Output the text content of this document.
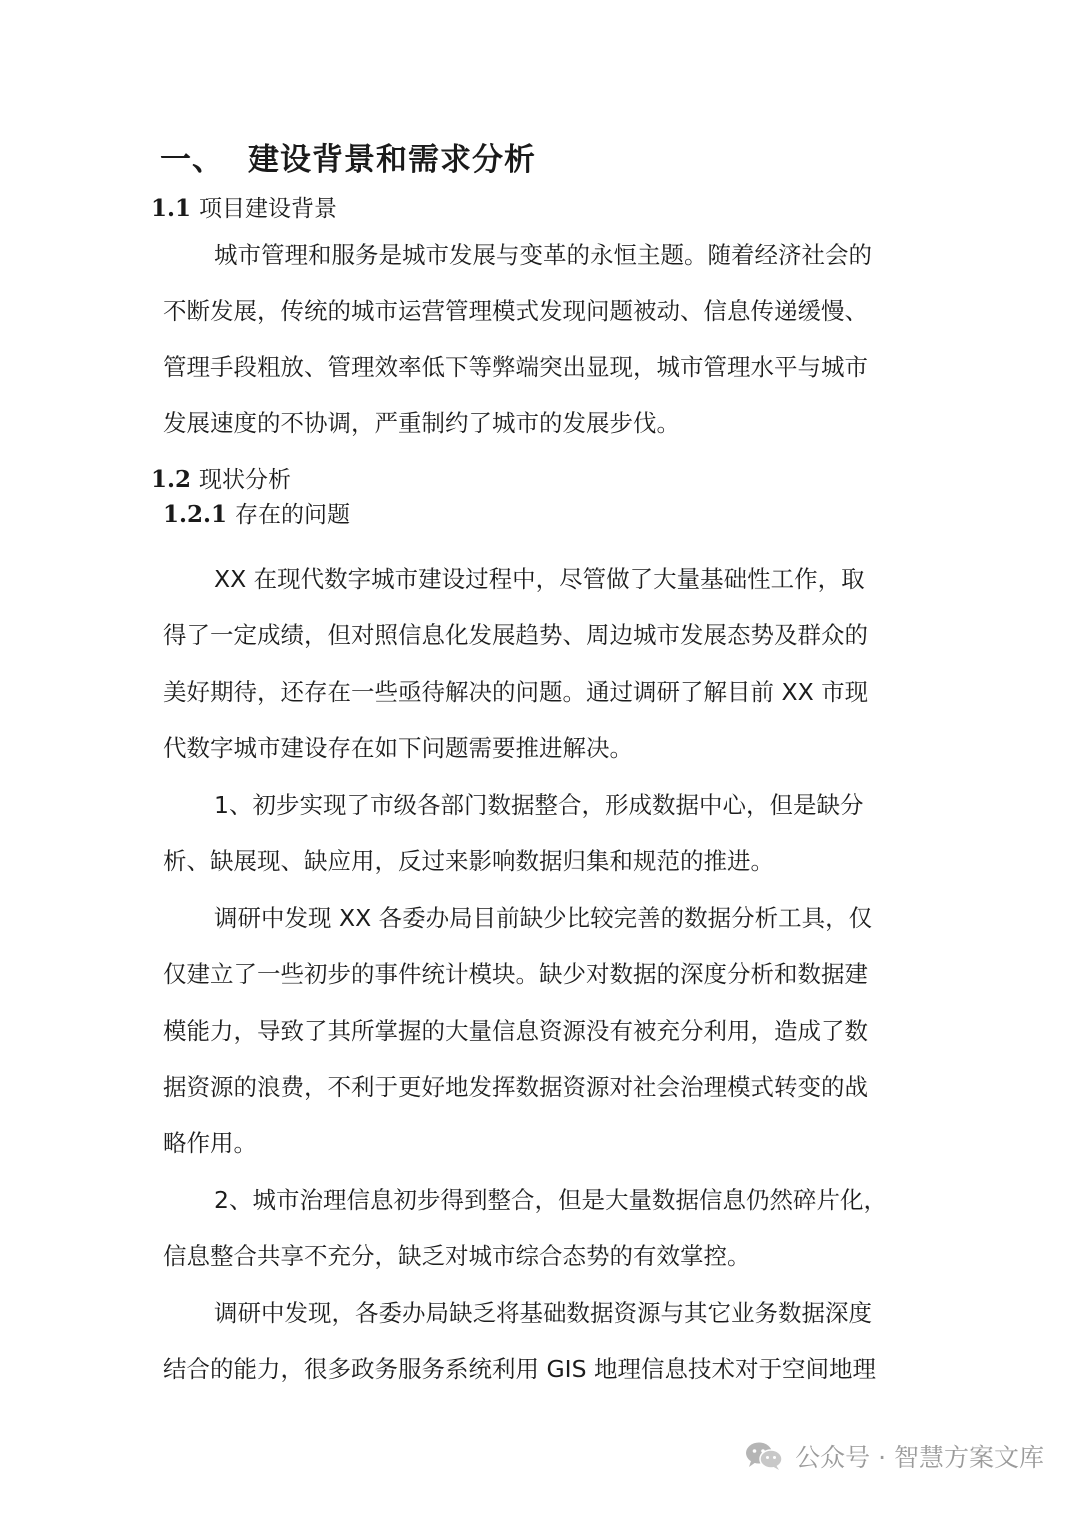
一、 建设背景和需求分析
1.1 项目建设背景
城市管理和服务是城市发展与变革的永恒主题。随着经济社会的
不断发展，传统的城市运营管理模式发现问题被动、信息传递缓慢、
管理手段粗放、管理效率低下等弊端突出显现，城市管理水平与城市
发展速度的不协调，严重制约了城市的发展步伐。
1.2 现状分析
1.2.1 存在的问题
XX 在现代数字城市建设过程中，尽管做了大量基础性工作，取
得了一定成绩，但对照信息化发展趋势、周边城市发展态势及群众的
美好期待，还存在一些亟待解决的问题。通过调研了解目前 XX 市现
代数字城市建设存在如下问题需要推进解决。
1、初步实现了市级各部门数据整合，形成数据中心，但是缺分
析、缺展现、缺应用，反过来影响数据归集和规范的推进。
调研中发现 XX 各委办局目前缺少比较完善的数据分析工具，仅
仅建立了一些初步的事件统计模块。缺少对数据的深度分析和数据建
模能力，导致了其所掌握的大量信息资源没有被充分利用，造成了数
据资源的浪费，不利于更好地发挥数据资源对社会治理模式转变的战
略作用。
2、城市治理信息初步得到整合，但是大量数据信息仍然碎片化，
信息整合共享不充分，缺乏对城市综合态势的有效掌控。
调研中发现，各委办局缺乏将基础数据资源与其它业务数据深度
结合的能力，很多政务服务系统利用 GIS 地理信息技术对于空间地理
公众号 · 智慧方案文库
